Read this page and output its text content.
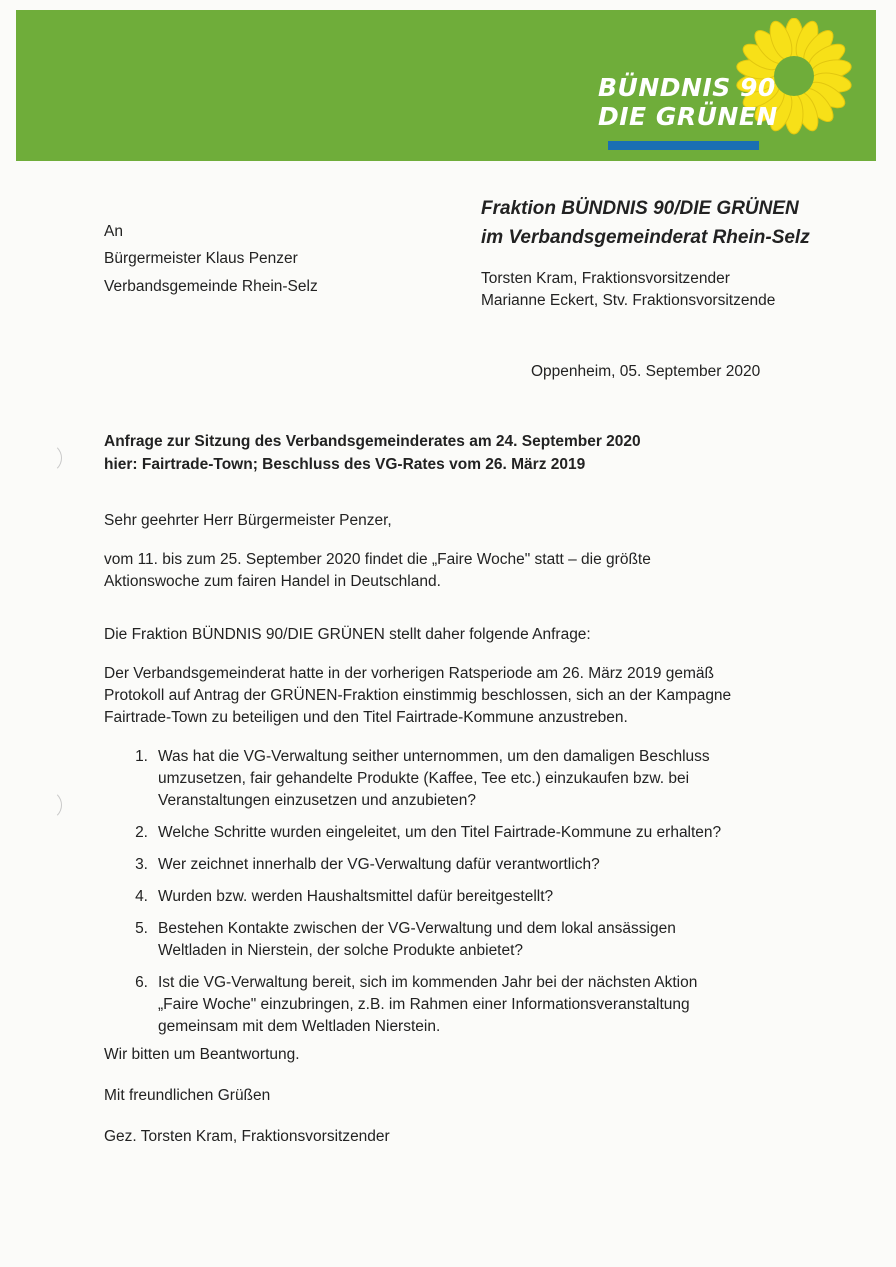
BÜNDNIS 90
DIE GRÜNEN
An
Bürgermeister Klaus Penzer
Verbandsgemeinde Rhein-Selz
Fraktion BÜNDNIS 90/DIE GRÜNEN
im Verbandsgemeinderat Rhein-Selz
Torsten Kram, Fraktionsvorsitzender
Marianne Eckert, Stv. Fraktionsvorsitzende
Oppenheim, 05. September 2020
Anfrage zur Sitzung des Verbandsgemeinderates am 24. September 2020
hier: Fairtrade-Town; Beschluss des VG-Rates vom 26. März 2019
Sehr geehrter Herr Bürgermeister Penzer,
vom 11. bis zum 25. September 2020 findet die „Faire Woche" statt – die größte
Aktionswoche zum fairen Handel in Deutschland.
Die Fraktion BÜNDNIS 90/DIE GRÜNEN stellt daher folgende Anfrage:
Der Verbandsgemeinderat hatte in der vorherigen Ratsperiode am 26. März 2019 gemäß
Protokoll auf Antrag der GRÜNEN-Fraktion einstimmig beschlossen, sich an der Kampagne
Fairtrade-Town zu beteiligen und den Titel Fairtrade-Kommune anzustreben.
1. Was hat die VG-Verwaltung seither unternommen, um den damaligen Beschluss
umzusetzen, fair gehandelte Produkte (Kaffee, Tee etc.) einzukaufen bzw. bei
Veranstaltungen einzusetzen und anzubieten?
2. Welche Schritte wurden eingeleitet, um den Titel Fairtrade-Kommune zu erhalten?
3. Wer zeichnet innerhalb der VG-Verwaltung dafür verantwortlich?
4. Wurden bzw. werden Haushaltsmittel dafür bereitgestellt?
5. Bestehen Kontakte zwischen der VG-Verwaltung und dem lokal ansässigen
Weltladen in Nierstein, der solche Produkte anbietet?
6. Ist die VG-Verwaltung bereit, sich im kommenden Jahr bei der nächsten Aktion
„Faire Woche" einzubringen, z.B. im Rahmen einer Informationsveranstaltung
gemeinsam mit dem Weltladen Nierstein.
Wir bitten um Beantwortung.
Mit freundlichen Grüßen
Gez. Torsten Kram, Fraktionsvorsitzender
